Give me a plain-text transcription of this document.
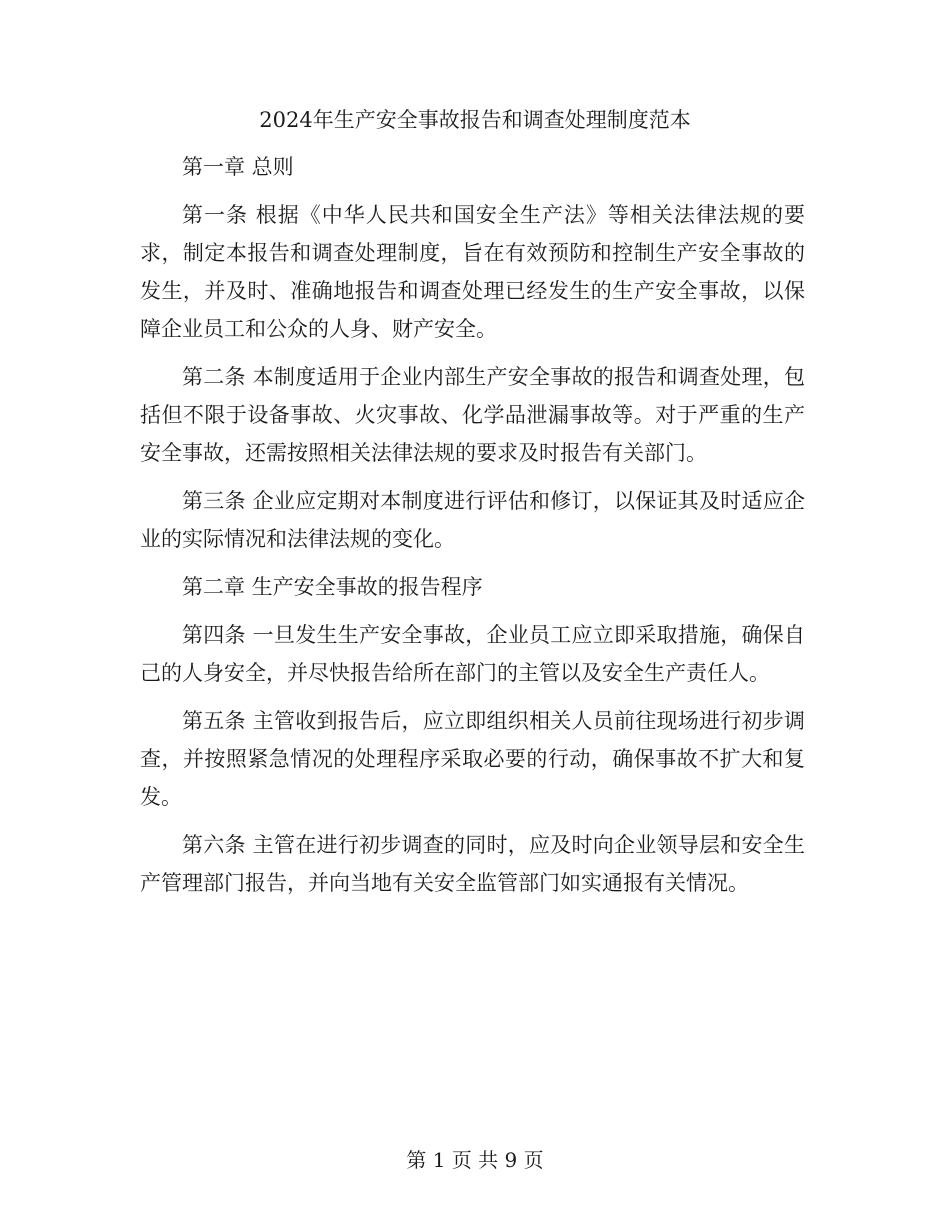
2024年生产安全事故报告和调查处理制度范本

第一章 总则

第一条 根据《中华人民共和国安全生产法》等相关法律法规的要求，制定本报告和调查处理制度，旨在有效预防和控制生产安全事故的发生，并及时、准确地报告和调查处理已经发生的生产安全事故，以保障企业员工和公众的人身、财产安全。

第二条 本制度适用于企业内部生产安全事故的报告和调查处理，包括但不限于设备事故、火灾事故、化学品泄漏事故等。对于严重的生产安全事故，还需按照相关法律法规的要求及时报告有关部门。

第三条 企业应定期对本制度进行评估和修订，以保证其及时适应企业的实际情况和法律法规的变化。

第二章 生产安全事故的报告程序

第四条 一旦发生生产安全事故，企业员工应立即采取措施，确保自己的人身安全，并尽快报告给所在部门的主管以及安全生产责任人。

第五条 主管收到报告后，应立即组织相关人员前往现场进行初步调查，并按照紧急情况的处理程序采取必要的行动，确保事故不扩大和复发。

第六条 主管在进行初步调查的同时，应及时向企业领导层和安全生产管理部门报告，并向当地有关安全监管部门如实通报有关情况。

第 1 页 共 9 页
